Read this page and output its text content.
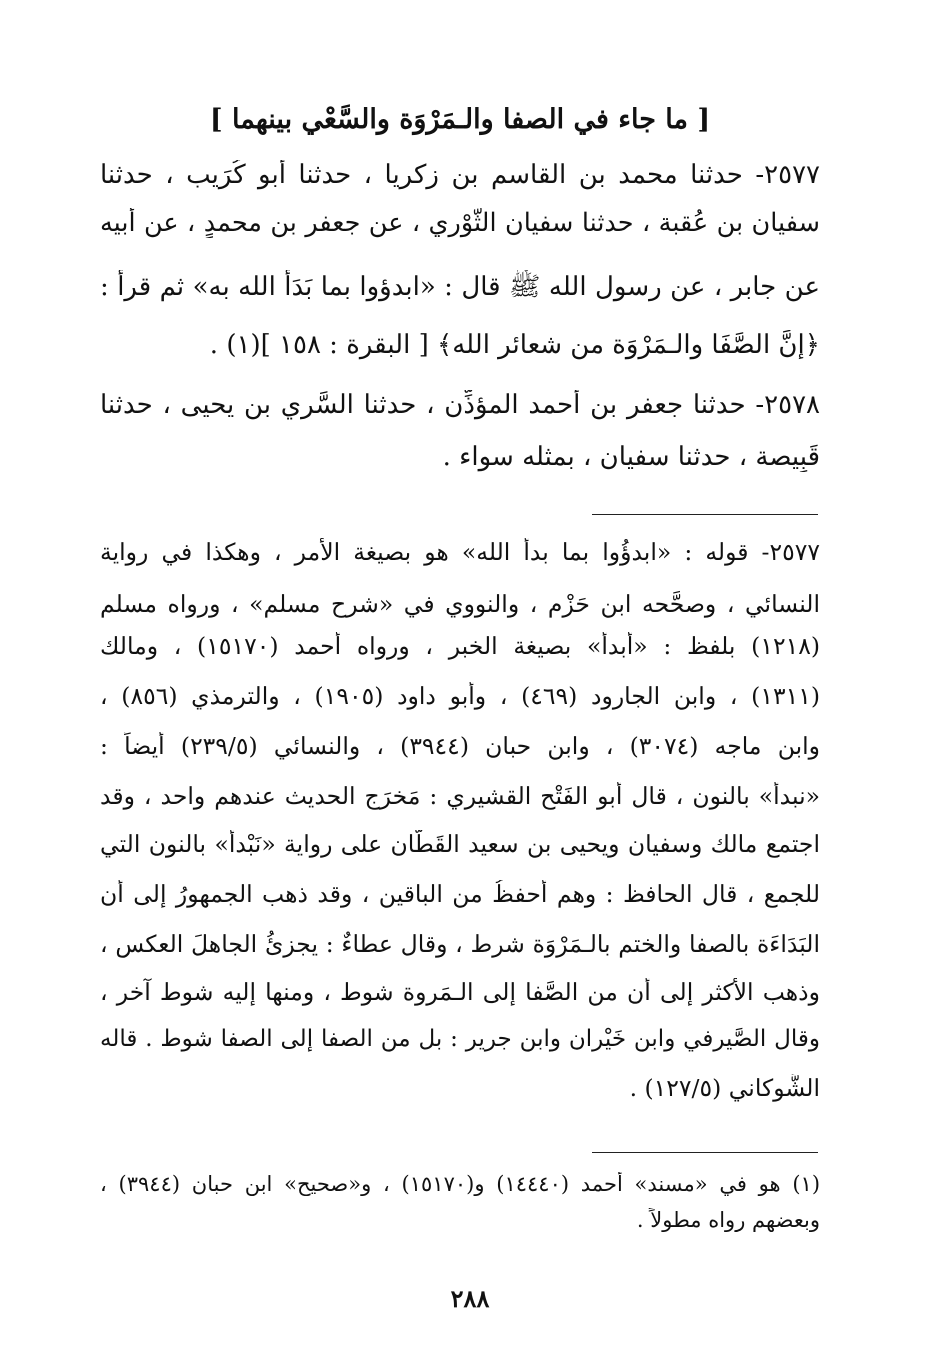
[ ما جاء في الصفا والـمَرْوَة والسَّعْي بينهما ]
٢٥٧٧- حدثنا محمد بن القاسم بن زكريا ، حدثنا أبو كُرَيب ، حدثنا
سفيان بن عُقبة ، حدثنا سفيان الثَّوْري ، عن جعفر بن محمدٍ ، عن أبيه
عن جابر ، عن رسول الله ﷺ قال : «ابدؤوا بما بَدَأَ الله به» ثم قرأ :
﴿إنَّ الصَّفَا والـمَرْوَة من شعائرِ الله﴾ [ البقرة : ١٥٨ ](١) .
٢٥٧٨- حدثنا جعفر بن أحمد المؤذِّن ، حدثنا السَّري بن يحيى ، حدثنا
قَبِيصة ، حدثنا سفيان ، بمثله سواء .
٢٥٧٧- قوله : «ابدؤُوا بما بدأَ الله» هو بصيغة الأَمر ، وهكذا في رواية
النسائي ، وصحَّحه ابن حَزْم ، والنووي في «شرح مسلم» ، ورواه مسلم
(١٢١٨) بلفظ : «أَبدأُ» بصيغة الخبر ، ورواه أحمد (١٥١٧٠) ، ومالك
(١٣١١) ، وابن الجارود (٤٦٩) ، وأبو داود (١٩٠٥) ، والترمذي (٨٥٦) ،
وابن ماجه (٣٠٧٤) ، وابن حبان (٣٩٤٤) ، والنسائي (٢٣٩/٥) أيضاً :
«نبدأُ» بالنون ، قال أبو الفَتْح القشيري : مَخرَج الحديث عندهم واحد ، وقد
اجتمع مالك وسفيان ويحيى بن سعيد القَطَّان على رواية «نَبْدأ» بالنون التي
للجمع ، قال الحافظ : وهم أَحفظُ من الباقين ، وقد ذهب الجمهورُ إلى أن
البَدَاءَة بالصفا والختم بالـمَرْوَة شرط ، وقال عطاءٌ : يجزئُ الجاهلَ العكس ،
وذهب الأكثر إلى أن من الصَّفا إلى الـمَروة شوط ، ومنها إليه شوط آخر ،
وقال الصَّيرفي وابن خَيْران وابن جرير : بل من الصفا إلى الصفا شوط . قاله
الشَّوكاني (١٢٧/٥) .
(١) هو في «مسند» أحمد (١٤٤٤٠) و(١٥١٧٠) ، و«صحيح» ابن حبان (٣٩٤٤) ،
وبعضهم رواه مطولاً .
٢٨٨
